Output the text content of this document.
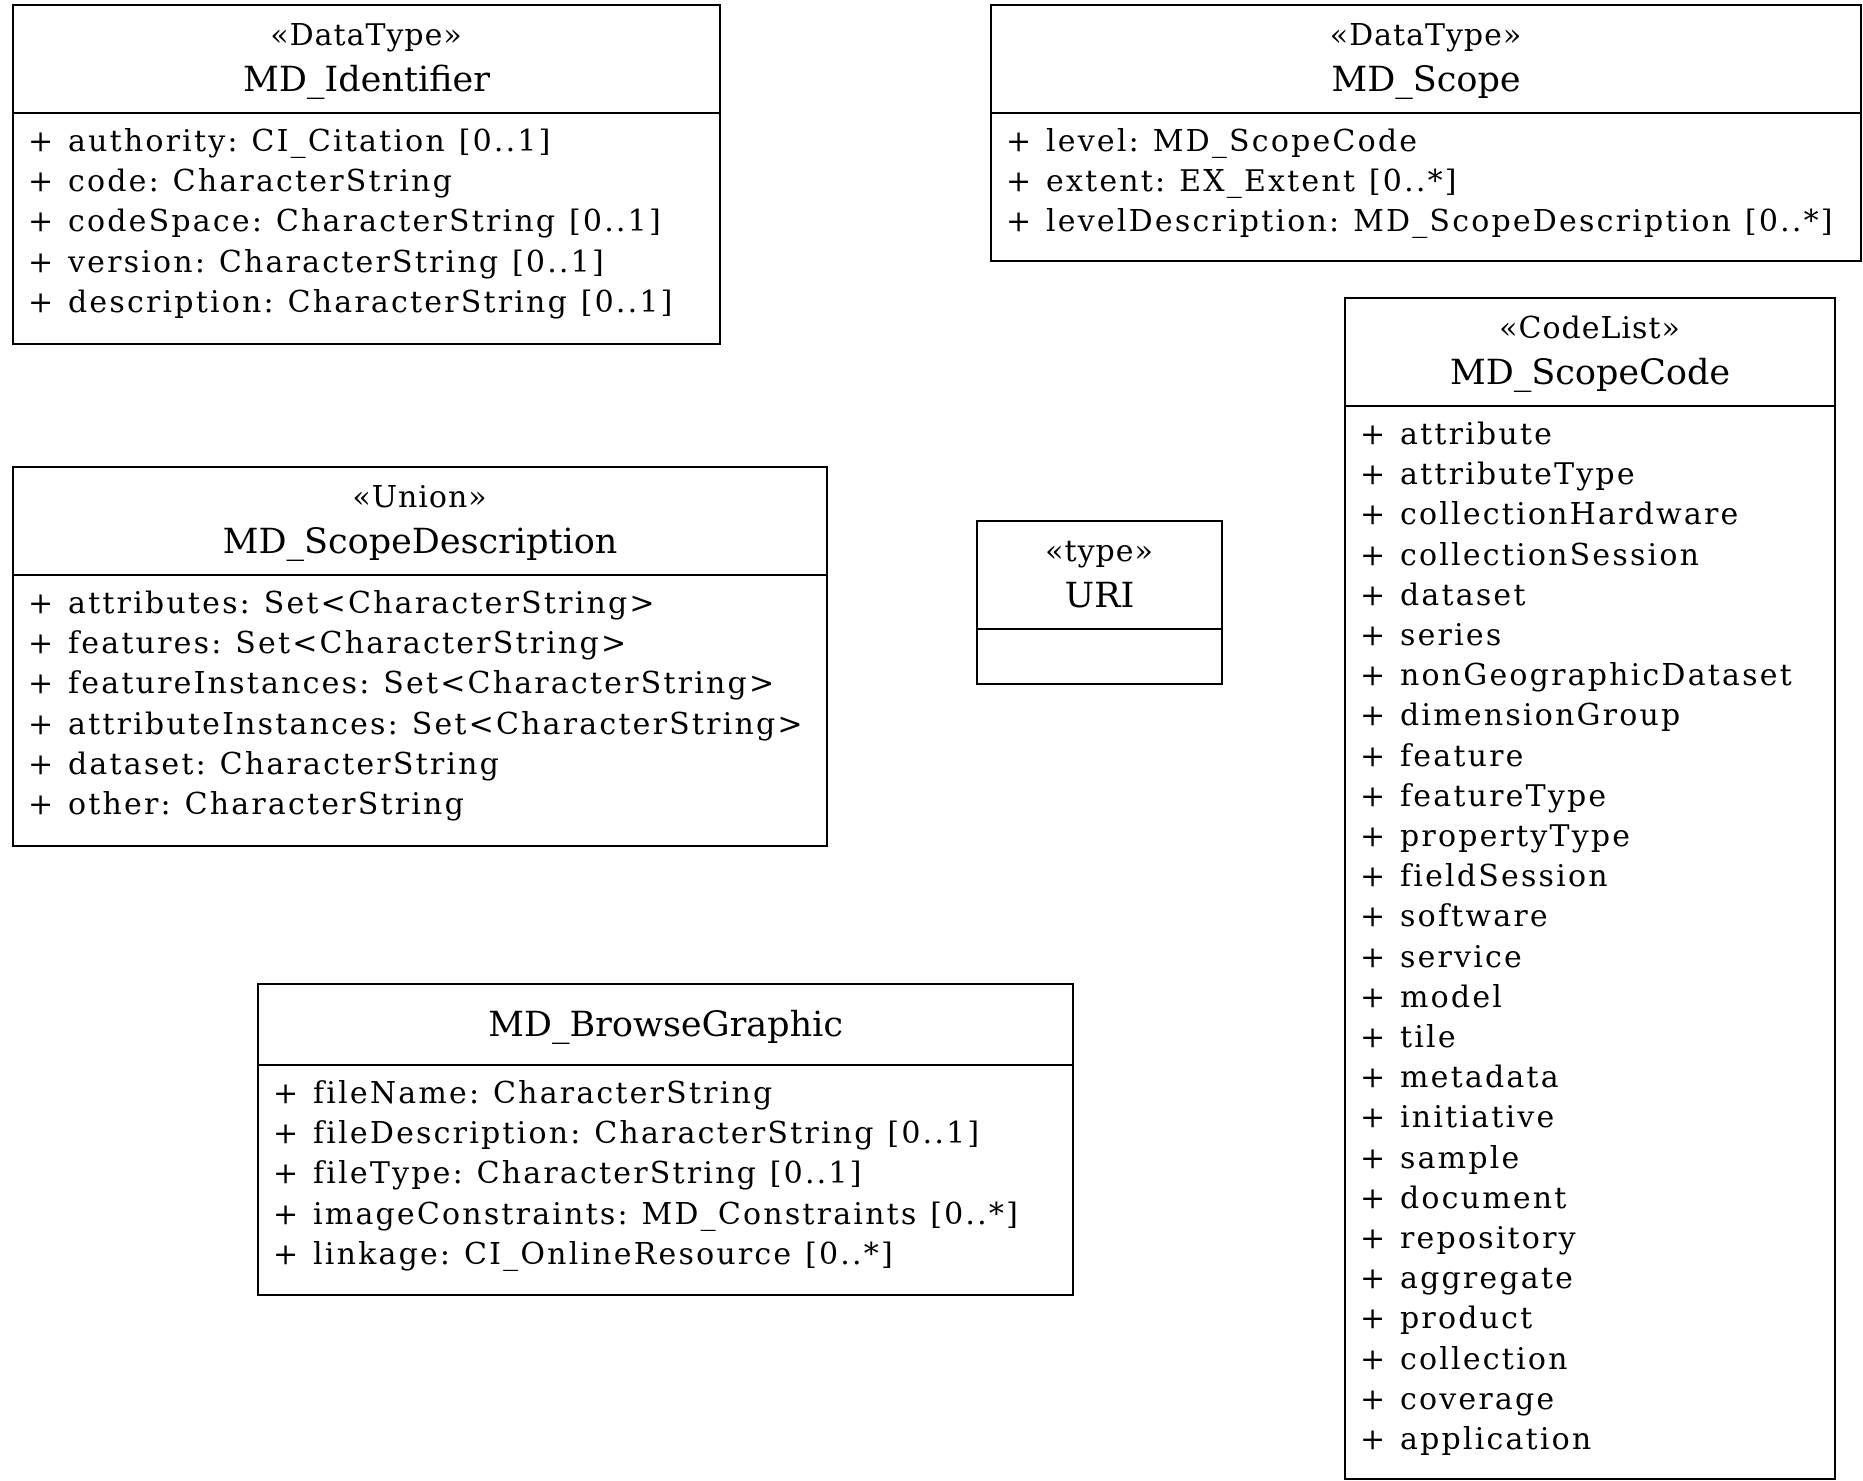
«DataType»
MD_Identifier
+ authority: CI_Citation [0..1]
+ code: CharacterString
+ codeSpace: CharacterString [0..1]
+ version: CharacterString [0..1]
+ description: CharacterString [0..1]
«DataType»
MD_Scope
+ level: MD_ScopeCode
+ extent: EX_Extent [0..*]
+ levelDescription: MD_ScopeDescription [0..*]
«Union»
MD_ScopeDescription
+ attributes: Set<CharacterString>
+ features: Set<CharacterString>
+ featureInstances: Set<CharacterString>
+ attributeInstances: Set<CharacterString>
+ dataset: CharacterString
+ other: CharacterString
«type»
URI
MD_BrowseGraphic
+ fileName: CharacterString
+ fileDescription: CharacterString [0..1]
+ fileType: CharacterString [0..1]
+ imageConstraints: MD_Constraints [0..*]
+ linkage: CI_OnlineResource [0..*]
«CodeList»
MD_ScopeCode
+ attribute
+ attributeType
+ collectionHardware
+ collectionSession
+ dataset
+ series
+ nonGeographicDataset
+ dimensionGroup
+ feature
+ featureType
+ propertyType
+ fieldSession
+ software
+ service
+ model
+ tile
+ metadata
+ initiative
+ sample
+ document
+ repository
+ aggregate
+ product
+ collection
+ coverage
+ application
